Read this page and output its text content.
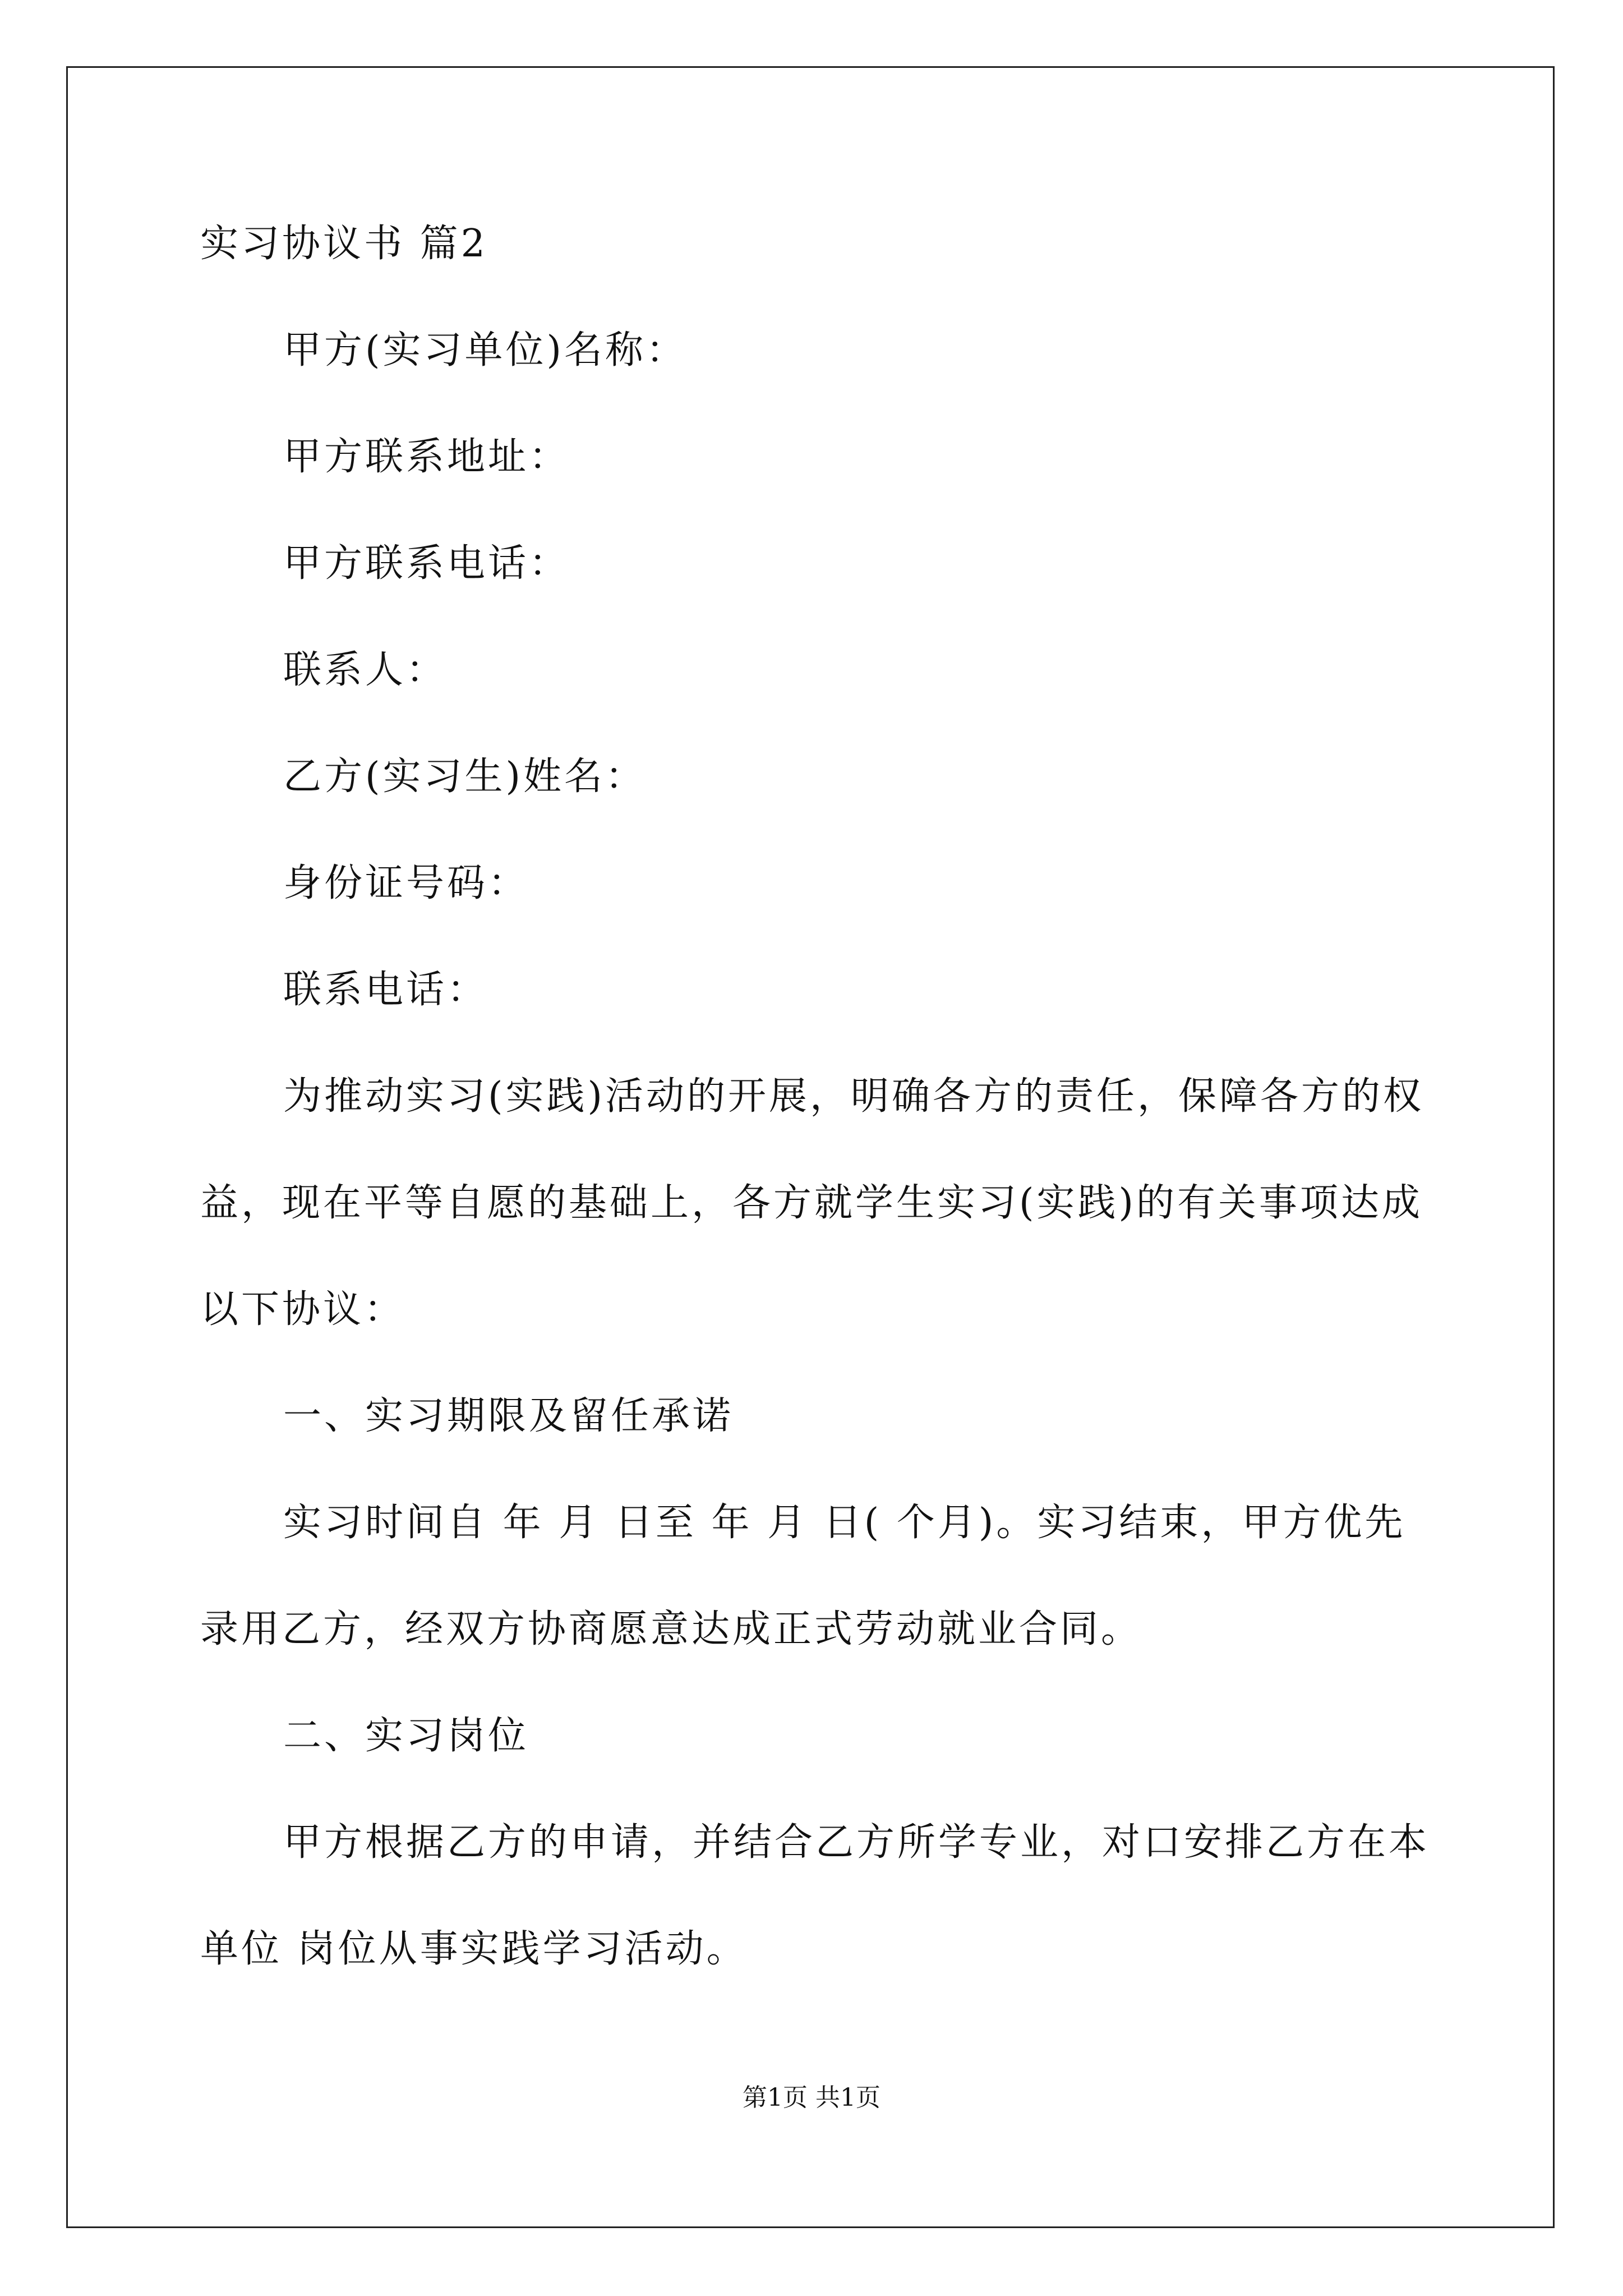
实习协议书 篇2

甲方(实习单位)名称：

甲方联系地址：

甲方联系电话：

联系人：

乙方(实习生)姓名：

身份证号码：

联系电话：

为推动实习(实践)活动的开展，明确各方的责任，保障各方的权

益，现在平等自愿的基础上，各方就学生实习(实践)的有关事项达成

以下协议：

一、实习期限及留任承诺

实习时间自 年 月 日至 年 月 日( 个月)。实习结束，甲方优先

录用乙方，经双方协商愿意达成正式劳动就业合同。

二、实习岗位

甲方根据乙方的申请，并结合乙方所学专业，对口安排乙方在本

单位 岗位从事实践学习活动。

第1页 共1页
